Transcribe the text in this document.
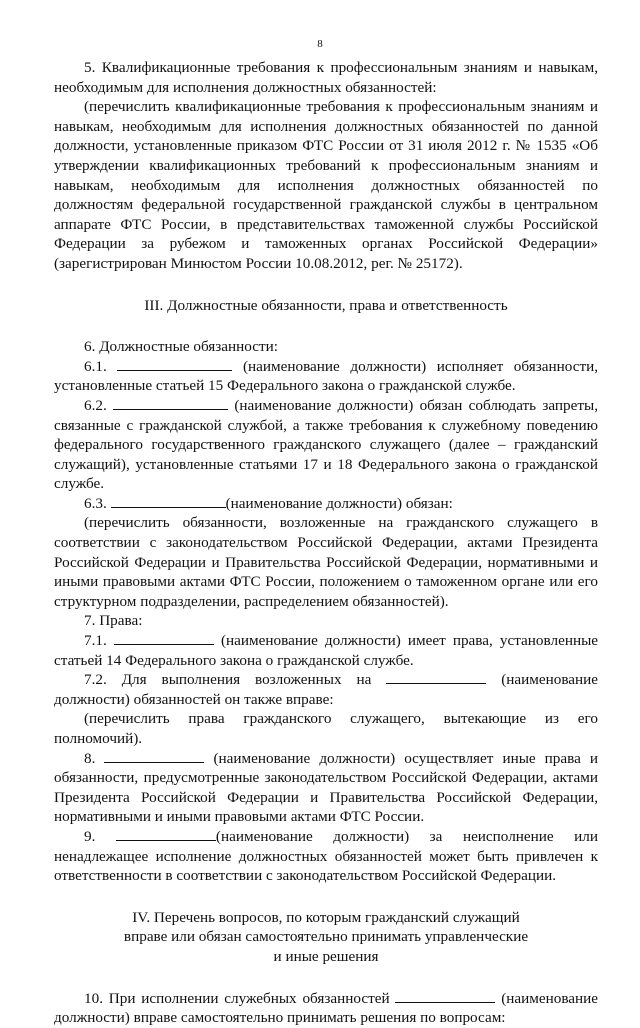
8

5. Квалификационные требования к профессиональным знаниям и навыкам, необходимым для исполнения должностных обязанностей:

(перечислить квалификационные требования к профессиональным знаниям и навыкам, необходимым для исполнения должностных обязанностей по данной должности, установленные приказом ФТС России от 31 июля 2012 г. № 1535 «Об утверждении квалификационных требований к профессиональным знаниям и навыкам, необходимым для исполнения должностных обязанностей по должностям федеральной государственной гражданской службы в центральном аппарате ФТС России, в представительствах таможенной службы Российской Федерации за рубежом и таможенных органах Российской Федерации» (зарегистрирован Минюстом России 10.08.2012, рег. № 25172).

III. Должностные обязанности, права и ответственность

6. Должностные обязанности:

6.1.	(наименование должности) исполняет обязанности, установленные статьей 15 Федерального закона о гражданской службе.

6.2.	(наименование должности) обязан соблюдать запреты, связанные с гражданской службой, а также требования к служебному поведению федерального государственного гражданского служащего (далее – гражданский служащий), установленные статьями 17 и 18 Федерального закона о гражданской службе.

6.3.	(наименование должности) обязан:

(перечислить обязанности, возложенные на гражданского служащего в соответствии с законодательством Российской Федерации, актами Президента Российской Федерации и Правительства Российской Федерации, нормативными и иными правовыми актами ФТС России, положением о таможенном органе или его структурном подразделении, распределением обязанностей).

7. Права:

7.1.	(наименование должности) имеет права, установленные статьей 14 Федерального закона о гражданской службе.

7.2. Для выполнения возложенных на	(наименование должности) обязанностей он также вправе:

(перечислить права гражданского служащего, вытекающие из его полномочий).

8.	(наименование должности) осуществляет иные права и обязанности, предусмотренные законодательством Российской Федерации, актами Президента Российской Федерации и Правительства Российской Федерации, нормативными и иными правовыми актами ФТС России.

9.	(наименование должности) за неисполнение или ненадлежащее исполнение должностных обязанностей может быть привлечен к ответственности в соответствии с законодательством Российской Федерации.

IV. Перечень вопросов, по которым гражданский служащий
вправе или обязан самостоятельно принимать управленческие
и иные решения

10. При исполнении служебных обязанностей	(наименование должности) вправе самостоятельно принимать решения по вопросам:
